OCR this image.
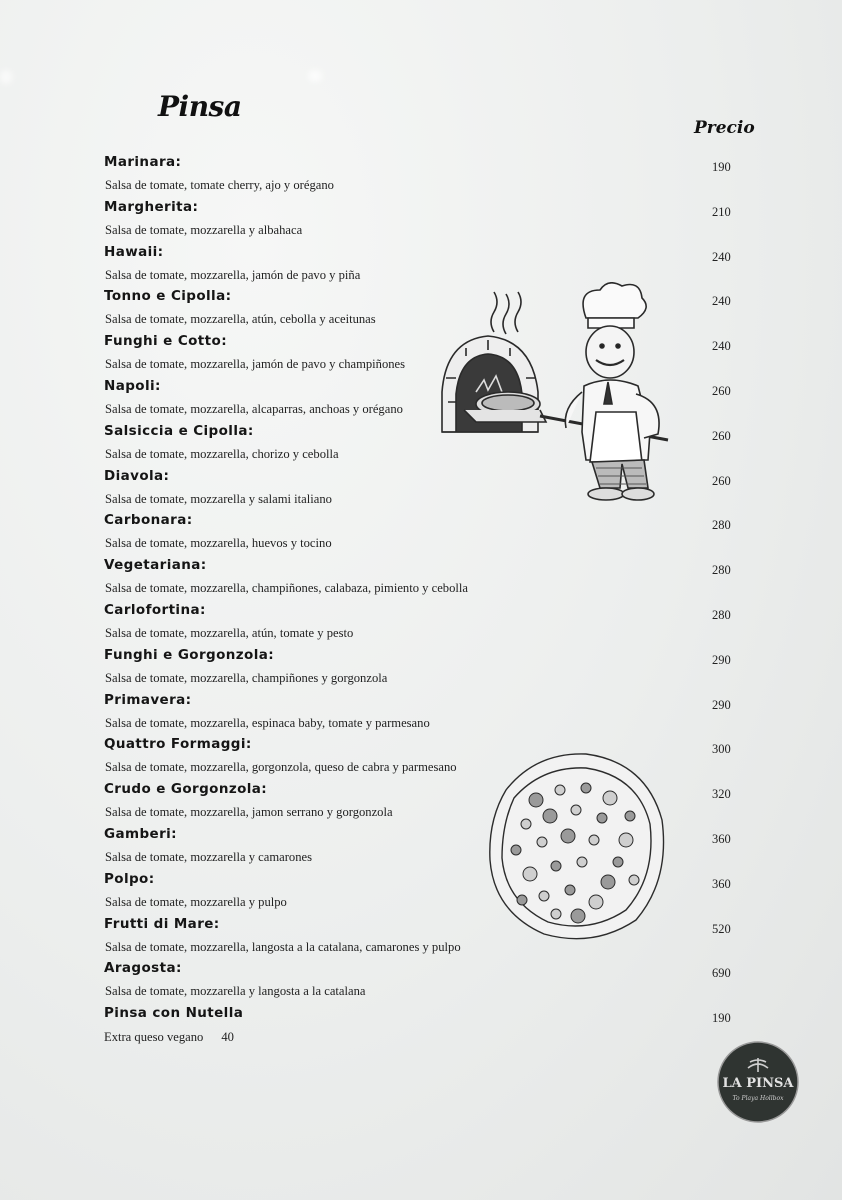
Pinsa
Precio
Marinara:
Salsa de tomate, tomate cherry, ajo y orégano
190
Margherita:
Salsa de tomate, mozzarella y albahaca
210
Hawaii:
Salsa de tomate, mozzarella, jamón de pavo y piña
240
Tonno e Cipolla:
Salsa de tomate, mozzarella, atún, cebolla y aceitunas
240
Funghi e Cotto:
Salsa de tomate, mozzarella, jamón de pavo y champiñones
240
Napoli:
Salsa de tomate, mozzarella, alcaparras, anchoas y orégano
260
Salsiccia e Cipolla:
Salsa de tomate, mozzarella, chorizo y cebolla
260
Diavola:
Salsa de tomate, mozzarella y salami italiano
260
Carbonara:
Salsa de tomate, mozzarella, huevos y tocino
280
Vegetariana:
Salsa de tomate, mozzarella, champiñones, calabaza, pimiento y cebolla
280
Carlofortina:
Salsa de tomate, mozzarella, atún, tomate y pesto
280
Funghi e Gorgonzola:
Salsa de tomate, mozzarella, champiñones y gorgonzola
290
Primavera:
Salsa de tomate, mozzarella, espinaca baby, tomate y parmesano
290
Quattro Formaggi:
Salsa de tomate, mozzarella, gorgonzola, queso de cabra y parmesano
300
Crudo e Gorgonzola:
Salsa de tomate, mozzarella, jamon serrano y gorgonzola
320
Gamberi:
Salsa de tomate, mozzarella y camarones
360
Polpo:
Salsa de tomate, mozzarella y pulpo
360
Frutti di Mare:
Salsa de tomate, mozzarella, langosta a la catalana, camarones y pulpo
520
Aragosta:
Salsa de tomate, mozzarella y langosta a la catalana
690
Pinsa con Nutella	190
Extra queso vegano 40
LA PINSA
To Playa Hollbox
